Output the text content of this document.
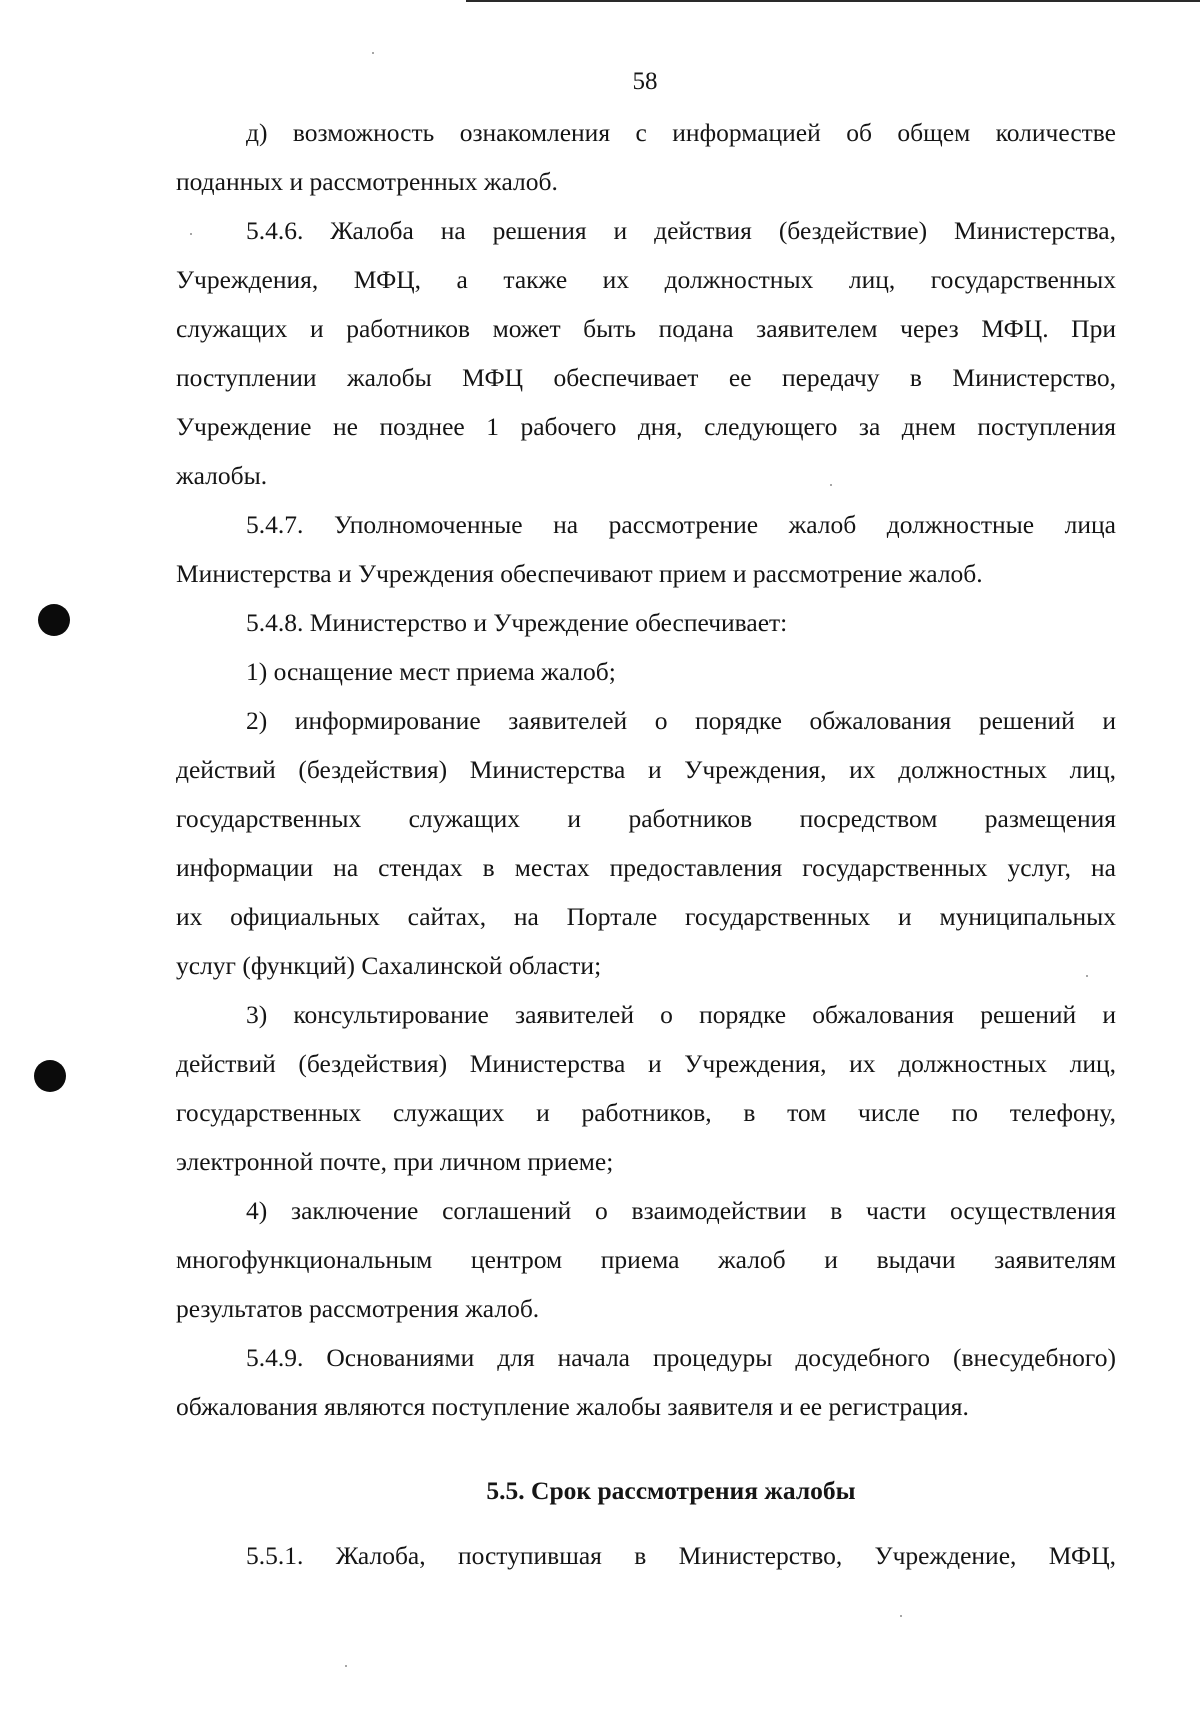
58
д) возможность ознакомления с информацией об общем количестве
поданных и рассмотренных жалоб.
5.4.6. Жалоба на решения и действия (бездействие) Министерства,
Учреждения, МФЦ, а также их должностных лиц, государственных
служащих и работников может быть подана заявителем через МФЦ. При
поступлении жалобы МФЦ обеспечивает ее передачу в Министерство,
Учреждение не позднее 1 рабочего дня, следующего за днем поступления
жалобы.
5.4.7. Уполномоченные на рассмотрение жалоб должностные лица
Министерства и Учреждения обеспечивают прием и рассмотрение жалоб.
5.4.8. Министерство и Учреждение обеспечивает:
1) оснащение мест приема жалоб;
2) информирование заявителей о порядке обжалования решений и
действий (бездействия) Министерства и Учреждения, их должностных лиц,
государственных служащих и работников посредством размещения
информации на стендах в местах предоставления государственных услуг, на
их официальных сайтах, на Портале государственных и муниципальных
услуг (функций) Сахалинской области;
3) консультирование заявителей о порядке обжалования решений и
действий (бездействия) Министерства и Учреждения, их должностных лиц,
государственных служащих и работников, в том числе по телефону,
электронной почте, при личном приеме;
4) заключение соглашений о взаимодействии в части осуществления
многофункциональным центром приема жалоб и выдачи заявителям
результатов рассмотрения жалоб.
5.4.9. Основаниями для начала процедуры досудебного (внесудебного)
обжалования являются поступление жалобы заявителя и ее регистрация.
5.5. Срок рассмотрения жалобы
5.5.1. Жалоба, поступившая в Министерство, Учреждение, МФЦ,
